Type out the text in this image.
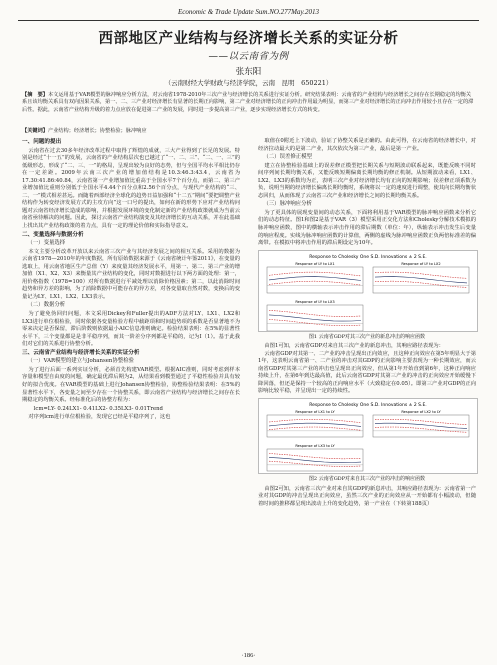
Economic & Trade Update Sum.NO.277May.2013
西部地区产业结构与经济增长关系的实证分析
——以云南省为例
张东阳
（云南财经大学财政与经济学院，云南　昆明　650221）
【摘　要】本文运用基于VAR模型的脉冲响应分析方法，对云南省1978-2010年三次产业与经济增长的关系进行实证分析。研究结果表明：云南省的产业结构与经济增长之间存在长期稳定的均衡关系且该均衡关系具有双向因果关系，第一、二、三产业对经济增长有显著的长期正向影响，第二产业对经济增长的正向冲击作用最为明显，而第三产业对经济增长的正向冲击作用较小且存在一定的滞后性。据此，云南省产业结构升级的着力点应放在促进第二产业的发展，同时进一步提高第三产业，逐步实现经济增长方式的转变。
【关键词】产业结构；经济增长；协整检验；脉冲响应
一、问题的提出

云南省在过去30多年经济改革过程中取得了辉煌的成就，三大产业得到了长足的发展。特别是经过“十一五”的发展，云南省的产业结构层次也已越过了“一、二、三”、“二、一、三”的低级形态，形成了“二、三、一”的格局，呈现出较为良好的态势，但与全国平均水平相比仍存在一定差距。2009年云南三次产业的增加值结构是10.3:46.3:43.4，云南省为17.30:41.86:40.84，云南省第一产业增加值比重高于全国水平7个百分点，而第二、第三产业增加值比重则分别低于全国水平4.44个百分点和2.56个百分点，与现代产业结构的“三、二、一”模式相差甚远。而随着西部经济全球化的趋势日益加强和“十二五”期间“要把调整产业结构作为转变经济发展方式的主攻方向”这一口号的提出，如何在新的形势下应对产业结构问题对云南省经济增长造成的影响，并根据发展环境的变化制定新的产业结构政策就成为当前云南省亟待解决的问题。因此，探讨云南省产业结构演变及其经济增长的互动关系，并在此基础上找出其产业结构政策的着力点，具有一定的理论价值和实际指导意义。

二、变量选择与数据分析
（一）变量选择

本文主要分析改革开放以来云南省三次产业与其经济发展之间的相互关系。采用的数据为云南省1978—2010年的年度数据，所有原始数据来源于《云南省统计年鉴2011》，在变量的选取上，用云南省地区生产总值（Y）来度量其经济发展水平，用第一、第二、第三产业的增加值（X1、X2、X3）来衡量其产业结构的变化，同时对数据进行以下两方面的处理：第一，用价格指数（1978=100）对所有数据进行平减处理以消除价格因素；第二，以此消除时间趋势和异方差的影响，为了消除数据中可能存在的异方差，对各变量取自然对数，变换后的变量记为LY、LX1、LX2、LX3表示。

（二）数据分析

为了避免伪回归问题，本文采用Dickey和Fuller提出的ADF方法对LY、LX1、LX2和LX3进行单位根检验，同时依据各变量检验方程中截距项和时间趋势项的系数是否显著地不为零来决定是否保留，滞后阶数则依据最小AIC信息准则确定。检验结果表明：在5%的显著性水平下，三个变量都是是非平稳序列，而其一阶差分序列都是平稳的，记为I（1）。基于此我们对它们的关系进行协整分析。

三、云南省产业结构与经济增长关系的实证分析
（一）VAR模型的建立与Johansen协整检验

为了进行后面一系列实证分析，必须首先构建VAR模型。根据AIC准则，同时考虑到样本容量和模型自由度的问题，确定最优滞后期为2，从结果看到模型通过了平稳性检验并具有较好的拟合优度。在VAR模型的基础上进行Johansen协整检验，协整检验结果表明：在5%的显著性水平下，各变量之间至少存在一个协整关系，即云南省产业结构与经济增长之间存在长期稳定的均衡关系。经标准化后的协整方程为：

lcm=LY- 0.24LX1- 0.41LX2- 0.35LX3- 0.01Trend

对序列lcm进行单位根检验，发现它已经是平稳序列了，这也

取值在0附近上下波动，验证了协整关系是正确的。由此可得，在云南省的经济增长中，对经济拉动最大的是第二产业，其次依次为第三产业，最后是第一产业。

（二）误差修正模型

建立在协整检验基础上的误差修正模型把长期关系与短期波动联系起来，既能反映不同时间序列间长期均衡关系，又能反映短期偏离长期均衡的修正机制。从短期波动来看，LX1、LX2、LX3的系数均为正，表明三次产业对经济增长均有正向的短期影响；误差修正项系数为负，说明当期的经济增长偏离长期均衡时，系统将以一定的速度进行调整，使其向长期均衡状态回归，从而体现了云南省三次产业和经济增长之间的长期均衡关系。

（三）脉冲响应分析

为了更具体的展现变量间的动态关系，下面将利用基于VAR模型的脉冲响应函数来分析它们的动态特征。图1和图2是基于VAR（3）模型采用正交化方法和Cholesky分解技术模拟的脉冲响应函数，图中的横轴表示冲击作用的滞后期数（单位：年），纵轴表示冲击发生后变量的响应程度。实线为脉冲响应函数的计算值，两侧的虚线为脉冲响应函数正负两倍标准差的偏离带。在模拟中将冲击作用的滞后期设定为10年。

Response to Cholesky One S.D. Innovations ± 2 S.E.
Response of LY to LX1	Response of LY to LX2
Response of LY to LX3
图1 云南省GDP对其三次产业的新息冲击的响应函数

由图1可知，云南省GDP对来自其三次产业的新息冲击，其响应路径表现为：

云南省GDP对其第一、二产业的冲击呈现出正向效应，且这种正向效应在第5年明显大于第1年，这表明云南省第一、二产业的冲击对其GDP的正向影响主要表现为一种长期效应，而云南省GDP对其第三产业的冲击也呈现出正向效应，但从第1年开始直到第6年，这种正向响应持续上升，在第6年到达最高值，此后云南省GDP对其第三产业的冲击的正向效应开始缓慢下降回落，但还是保持一个较高的正向响应水平（大致稳定在0.05）。即第三产业对GDP的正向影响比较平稳，并呈现出一定的持续性。

Response to Cholesky One S.D. Innovations ± 2 S.E.
Response of LX1 to LY	Response of LX2 to LY
Response of LX3 to LY
图2 云南省GDP对来自其三次产业的冲击的响应函数

由图2可知，云南省三次产业对来自其GDP的新息冲击，其响应路径表现为：云南省第一产业对其GDP的冲击呈现出正向效应，虽然三次产业的正向效应从一开始都有小幅波动，但随着时间的推移都呈现出波动上升的变化趋势，第一产业在（下转第188页）

·186·
